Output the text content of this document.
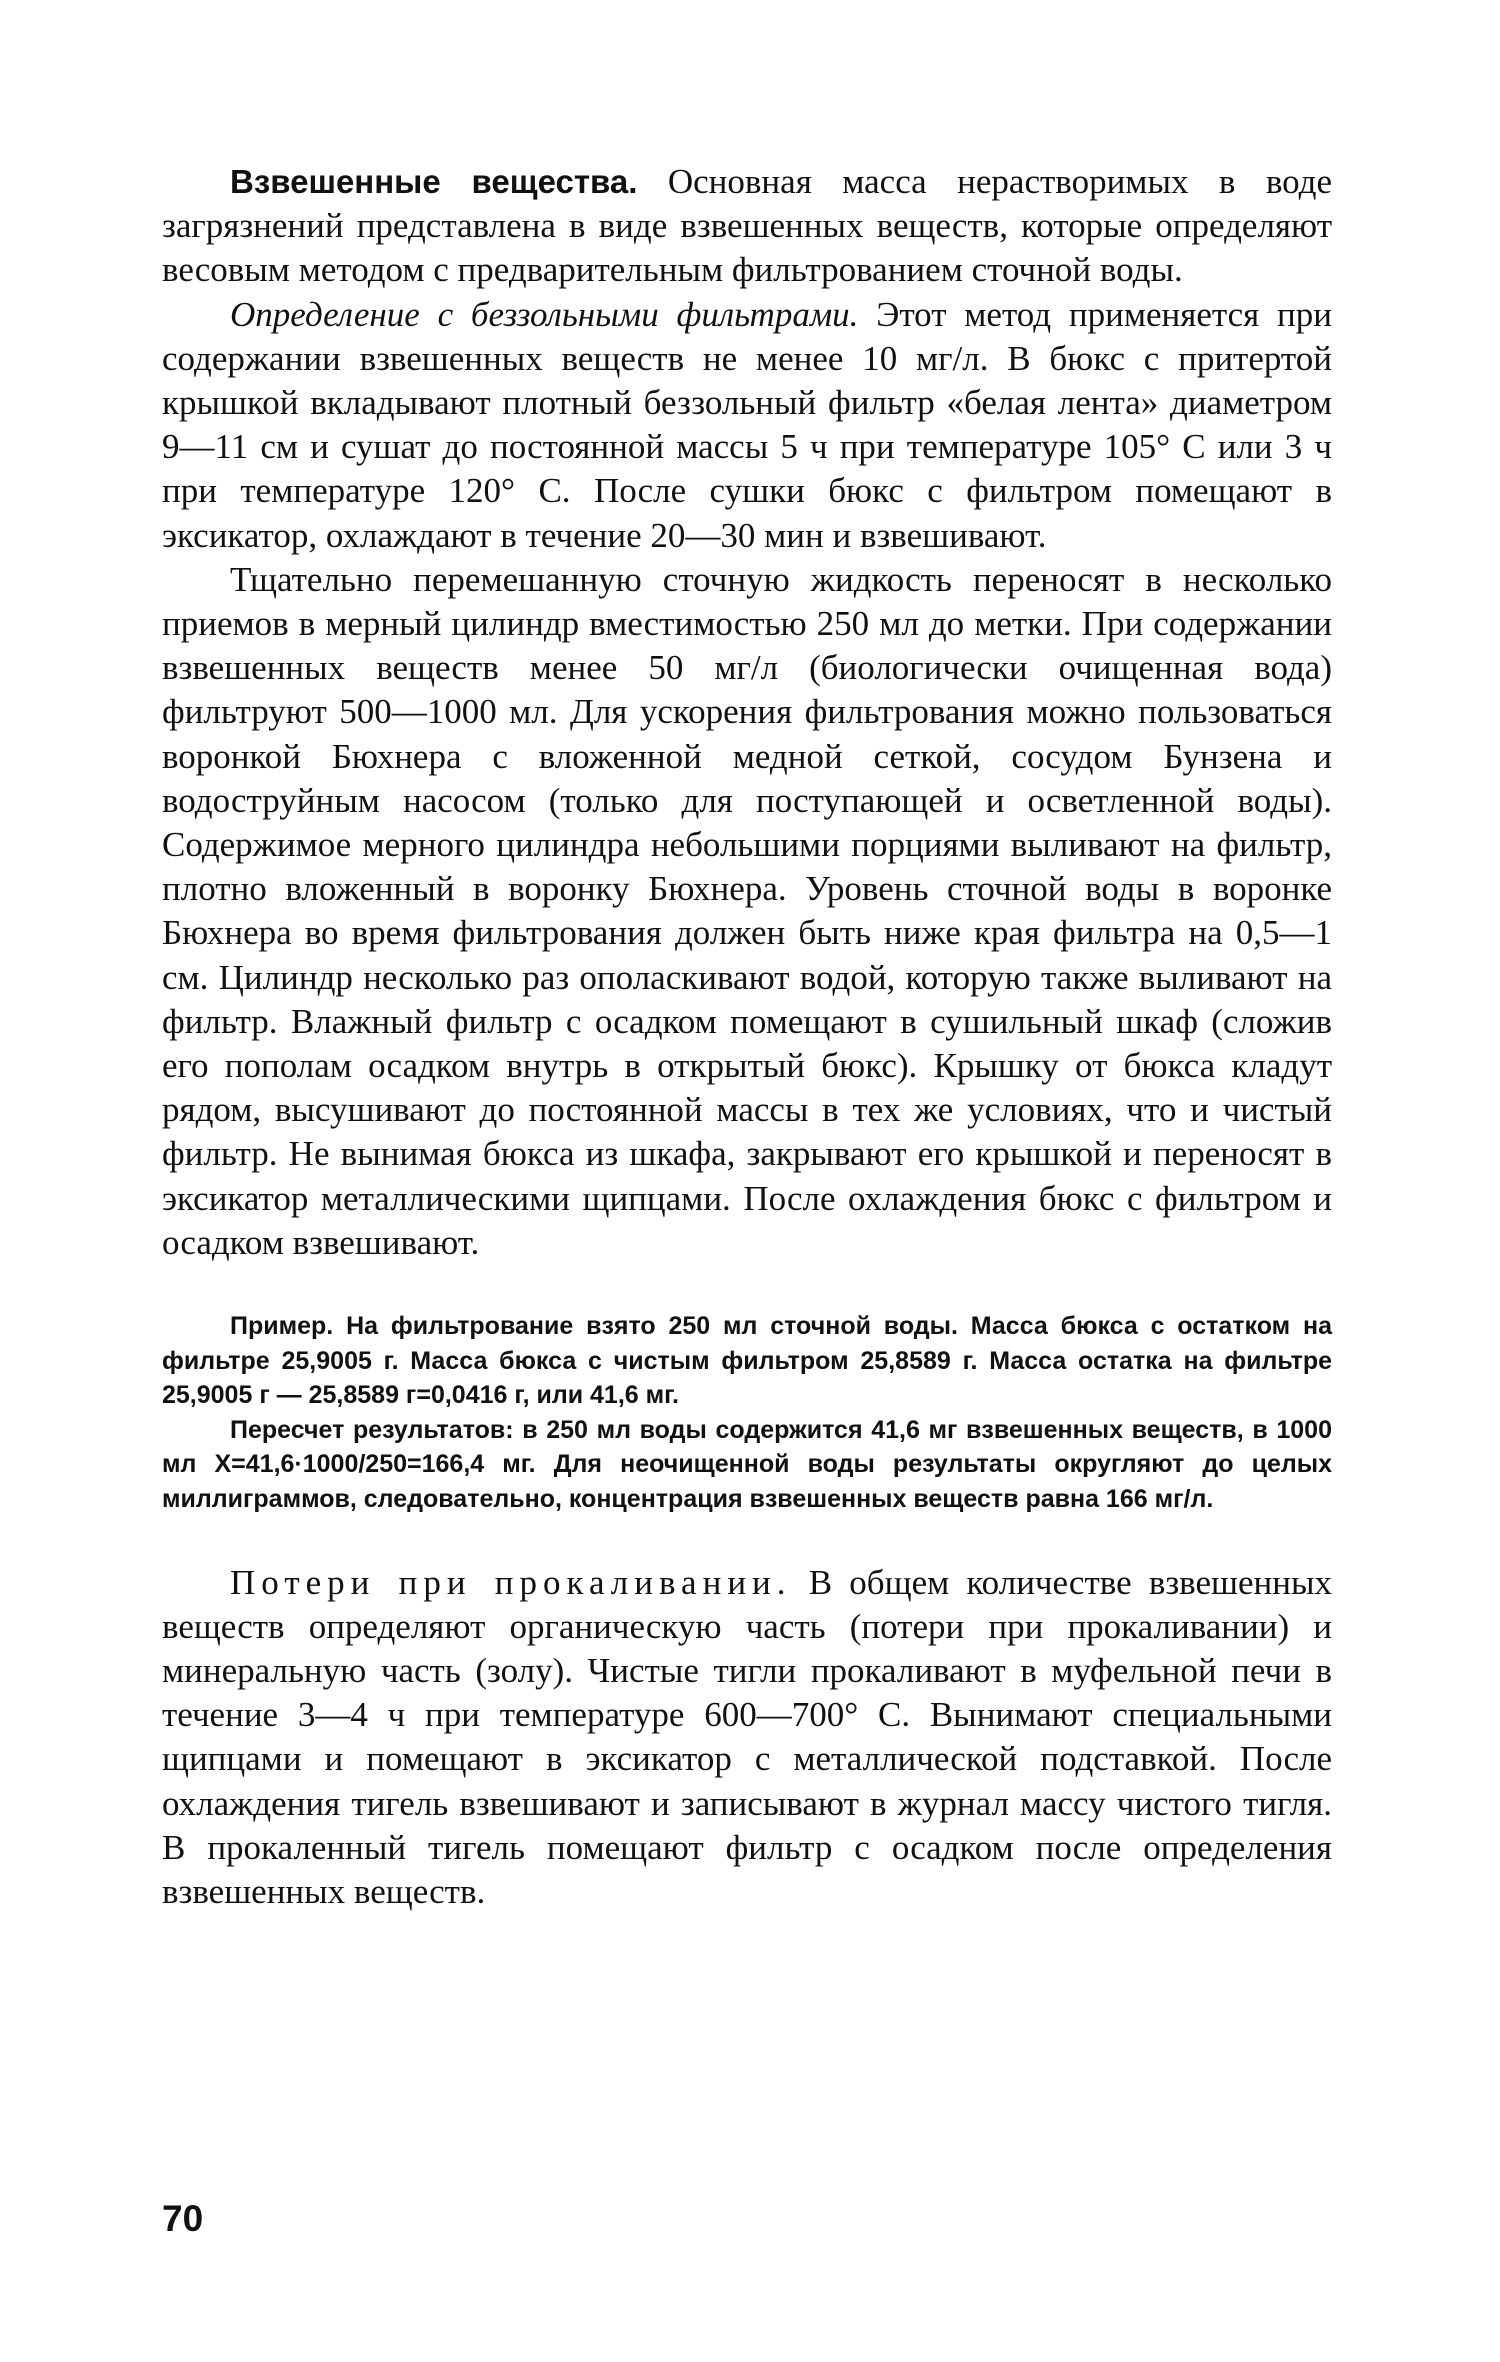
Взвешенные вещества. Основная масса нерастворимых в воде загрязнений представлена в виде взвешенных веществ, которые определяют весовым методом с предварительным фильтрованием сточной воды.

Определение с беззольными фильтрами. Этот метод применяется при содержании взвешенных веществ не менее 10 мг/л. В бюкс с притертой крышкой вкладывают плотный беззольный фильтр «белая лента» диаметром 9—11 см и сушат до постоянной массы 5 ч при температуре 105° С или 3 ч при температуре 120° С. После сушки бюкс с фильтром помещают в эксикатор, охлаждают в течение 20—30 мин и взвешивают.

Тщательно перемешанную сточную жидкость переносят в несколько приемов в мерный цилиндр вместимостью 250 мл до метки. При содержании взвешенных веществ менее 50 мг/л (биологически очищенная вода) фильтруют 500—1000 мл. Для ускорения фильтрования можно пользоваться воронкой Бюхнера с вложенной медной сеткой, сосудом Бунзена и водоструйным насосом (только для поступающей и осветленной воды). Содержимое мерного цилиндра небольшими порциями выливают на фильтр, плотно вложенный в воронку Бюхнера. Уровень сточной воды в воронке Бюхнера во время фильтрования должен быть ниже края фильтра на 0,5—1 см. Цилиндр несколько раз ополаскивают водой, которую также выливают на фильтр. Влажный фильтр с осадком помещают в сушильный шкаф (сложив его пополам осадком внутрь в открытый бюкс). Крышку от бюкса кладут рядом, высушивают до постоянной массы в тех же условиях, что и чистый фильтр. Не вынимая бюкса из шкафа, закрывают его крышкой и переносят в эксикатор металлическими щипцами. После охлаждения бюкс с фильтром и осадком взвешивают.

Пример. На фильтрование взято 250 мл сточной воды. Масса бюкса с остатком на фильтре 25,9005 г. Масса бюкса с чистым фильтром 25,8589 г. Масса остатка на фильтре 25,9005 г — 25,8589 г=0,0416 г, или 41,6 мг.

Пересчет результатов: в 250 мл воды содержится 41,6 мг взвешенных веществ, в 1000 мл X=41,6·1000/250=166,4 мг. Для неочищенной воды результаты округляют до целых миллиграммов, следовательно, концентрация взвешенных веществ равна 166 мг/л.

Потери при прокаливании. В общем количестве взвешенных веществ определяют органическую часть (потери при прокаливании) и минеральную часть (золу). Чистые тигли прокаливают в муфельной печи в течение 3—4 ч при температуре 600—700° С. Вынимают специальными щипцами и помещают в эксикатор с металлической подставкой. После охлаждения тигель взвешивают и записывают в журнал массу чистого тигля. В прокаленный тигель помещают фильтр с осадком после определения взвешенных веществ.

70
